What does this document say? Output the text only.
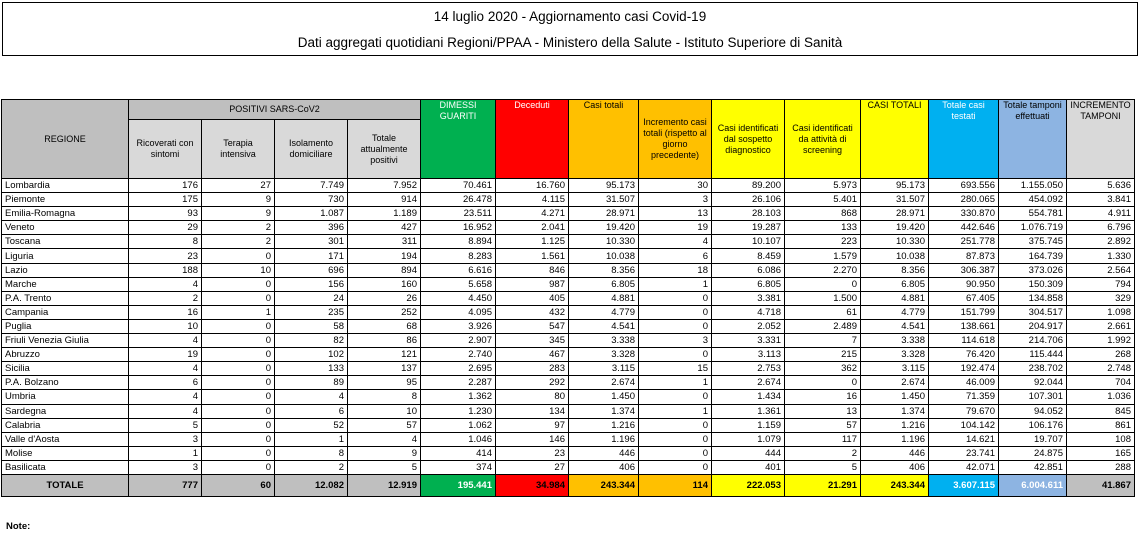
14 luglio 2020 - Aggiornamento casi Covid-19
Dati aggregati quotidiani Regioni/PPAA - Ministero della Salute - Istituto Superiore di Sanità
REGIONE	POSITIVI SARS-CoV2				DIMESSI GUARITI	Deceduti	Casi totali	Incremento casi totali (rispetto al giorno precedente)	Casi identificati dal sospetto diagnostico	Casi identificati da attività di screening	CASI TOTALI	Totale casi testati	Totale tamponi effettuati	INCREMENTO TAMPONI
	Ricoverati con sintomi	Terapia intensiva	Isolamento domiciliare	Totale attualmente positivi										
Lombardia	176	27	7.749	7.952	70.461	16.760	95.173	30	89.200	5.973	95.173	693.556	1.155.050	5.636
Piemonte	175	9	730	914	26.478	4.115	31.507	3	26.106	5.401	31.507	280.065	454.092	3.841
Emilia-Romagna	93	9	1.087	1.189	23.511	4.271	28.971	13	28.103	868	28.971	330.870	554.781	4.911
Veneto	29	2	396	427	16.952	2.041	19.420	19	19.287	133	19.420	442.646	1.076.719	6.796
Toscana	8	2	301	311	8.894	1.125	10.330	4	10.107	223	10.330	251.778	375.745	2.892
Liguria	23	0	171	194	8.283	1.561	10.038	6	8.459	1.579	10.038	87.873	164.739	1.330
Lazio	188	10	696	894	6.616	846	8.356	18	6.086	2.270	8.356	306.387	373.026	2.564
Marche	4	0	156	160	5.658	987	6.805	1	6.805	0	6.805	90.950	150.309	794
P.A. Trento	2	0	24	26	4.450	405	4.881	0	3.381	1.500	4.881	67.405	134.858	329
Campania	16	1	235	252	4.095	432	4.779	0	4.718	61	4.779	151.799	304.517	1.098
Puglia	10	0	58	68	3.926	547	4.541	0	2.052	2.489	4.541	138.661	204.917	2.661
Friuli Venezia Giulia	4	0	82	86	2.907	345	3.338	3	3.331	7	3.338	114.618	214.706	1.992
Abruzzo	19	0	102	121	2.740	467	3.328	0	3.113	215	3.328	76.420	115.444	268
Sicilia	4	0	133	137	2.695	283	3.115	15	2.753	362	3.115	192.474	238.702	2.748
P.A. Bolzano	6	0	89	95	2.287	292	2.674	1	2.674	0	2.674	46.009	92.044	704
Umbria	4	0	4	8	1.362	80	1.450	0	1.434	16	1.450	71.359	107.301	1.036
Sardegna	4	0	6	10	1.230	134	1.374	1	1.361	13	1.374	79.670	94.052	845
Calabria	5	0	52	57	1.062	97	1.216	0	1.159	57	1.216	104.142	106.176	861
Valle d'Aosta	3	0	1	4	1.046	146	1.196	0	1.079	117	1.196	14.621	19.707	108
Molise	1	0	8	9	414	23	446	0	444	2	446	23.741	24.875	165
Basilicata	3	0	2	5	374	27	406	0	401	5	406	42.071	42.851	288
TOTALE	777	60	12.082	12.919	195.441	34.984	243.344	114	222.053	21.291	243.344	3.607.115	6.004.611	41.867
Note:
